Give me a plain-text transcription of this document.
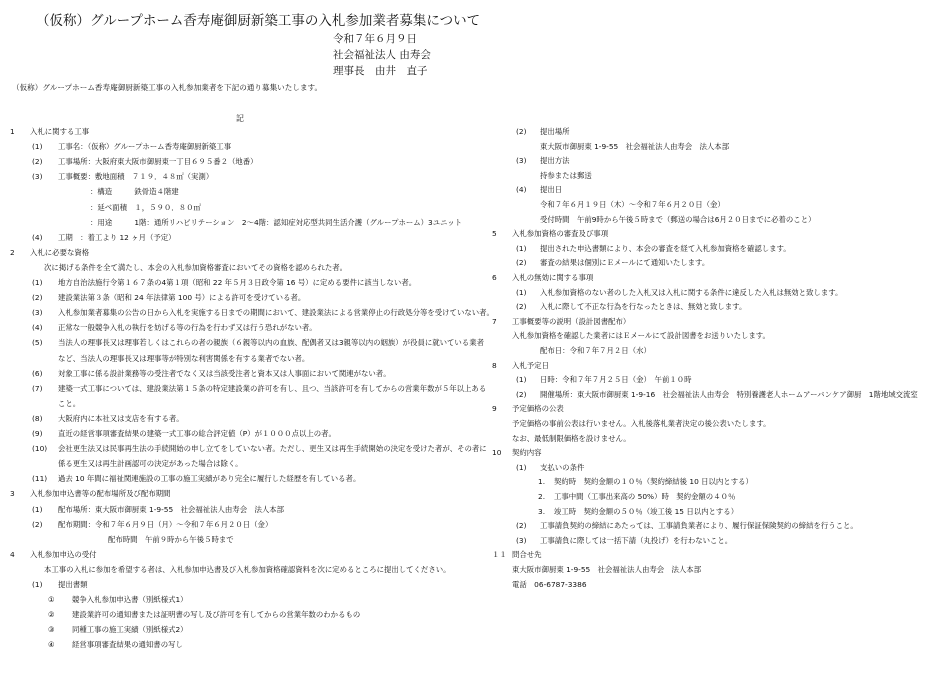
（仮称）グループホーム香寿庵御厨新築工事の入札参加業者募集について
令和７年６月９日
社会福祉法人 由寿会
理事長　由井　直子
（仮称）グループホーム香寿庵御厨新築工事の入札参加業者を下記の通り募集いたします。
記
1 入札に関する工事
(1) 工事名：（仮称）グループホーム香寿庵御厨新築工事
(2) 工事場所：大阪府東大阪市御厨東一丁目６９５番２（地番）
(3) 工事概要：敷地面積　７１９．４８㎡（実測）
：構造　　　鉄骨造４階建
：延べ面積　１，５９０．８０㎡
：用途　　　1階：通所リハビリテーション　2～4階：認知症対応型共同生活介護（グループホーム）3ユニット
(4) 工期　：着工より 12 ヶ月（予定）
2 入札に必要な資格
次に掲げる条件を全て満たし、本会の入札参加資格審査においてその資格を認められた者。
(1) 地方自治法施行令第１６７条の4第１項（昭和 22 年５月３日政令第 16 号）に定める要件に該当しない者。
(2) 建設業法第３条（昭和 24 年法律第 100 号）による許可を受けている者。
(3) 入札参加業者募集の公告の日から入札を実施する日までの期間において、建設業法による営業停止の行政処分等を受けていない者。
(4) 正常な一般競争入札の執行を妨げる等の行為を行わず又は行う恐れがない者。
(5) 当法人の理事長又は理事若しくはこれらの者の親族（６親等以内の血族、配偶者又は3親等以内の姻族）が役員に就いている業者
など、当法人の理事長又は理事等が特別な利害関係を有する業者でない者。
(6) 対象工事に係る設計業務等の受注者でなく又は当該受注者と資本又は人事面において関連がない者。
(7) 建築一式工事については、建設業法第１５条の特定建設業の許可を有し、且つ、当該許可を有してからの営業年数が５年以上ある
こと。
(8) 大阪府内に本社又は支店を有する者。
(9) 直近の経営事項審査結果の建築一式工事の総合評定値（P）が１０００点以上の者。
(10) 会社更生法又は民事再生法の手続開始の申し立てをしていない者。ただし、更生又は再生手続開始の決定を受けた者が、その者に
係る更生又は再生計画認可の決定があった場合は除く。
(11) 過去 10 年間に福祉関連施設の工事の施工実績があり完全に履行した経歴を有している者。
3 入札参加申込書等の配布場所及び配布期間
(1) 配布場所：東大阪市御厨東 1-9-55　社会福祉法人由寿会　法人本部
(2) 配布期間：令和７年６月９日（月）～令和７年６月２０日（金）
配布時間　午前９時から午後５時まで
4 入札参加申込の受付
本工事の入札に参加を希望する者は、入札参加申込書及び入札参加資格確認資料を次に定めるところに提出してください。
(1) 提出書類
① 競争入札参加申込書（別紙様式1）
② 建設業許可の通知書または証明書の写し及び許可を有してからの営業年数のわかるもの
③ 同種工事の施工実績（別紙様式2）
④ 経営事項審査結果の通知書の写し
(2) 提出場所
東大阪市御厨東 1-9-55　社会福祉法人由寿会　法人本部
(3) 提出方法
持参または郵送
(4) 提出日
令和７年６月１９日（木）～令和７年６月２０日（金）
受付時間　午前9時から午後５時まで（郵送の場合は6月２０日までに必着のこと）
5 入札参加資格の審査及び事項
(1) 提出された申込書類により、本会の審査を経て入札参加資格を確認します。
(2) 審査の結果は個別にＥメールにて通知いたします。
6 入札の無効に関する事項
(1) 入札参加資格のない者のした入札又は入札に関する条件に違反した入札は無効と致します。
(2) 入札に際して不正な行為を行なったときは、無効と致します。
7 工事概要等の説明（設計図書配布）
入札参加資格を確認した業者にはＥメールにて設計図書をお送りいたします。
配布日：令和７年７月２日（水）
8 入札予定日
(1) 日時：令和７年７月２５日（金）　午前１０時
(2) 開催場所：東大阪市御厨東 1-9-16　社会福祉法人由寿会　特別養護老人ホームアーバンケア御厨　1階地域交流室
9 予定価格の公表
予定価格の事前公表は行いません。入札後落札業者決定の後公表いたします。
なお、最低制限価格を設けません。
10 契約内容
(1) 支払いの条件
1. 契約時　契約金額の１０％（契約締結後 10 日以内とする）
2. 工事中間（工事出来高の 50%）時　契約金額の４０％
3. 竣工時　契約金額の５０％（竣工後 15 日以内とする）
(2) 工事請負契約の締結にあたっては、工事請負業者により、履行保証保険契約の締結を行うこと。
(3) 工事請負に際しては一括下請（丸投げ）を行わないこと。
１１ 問合せ先
東大阪市御厨東 1-9-55　社会福祉法人由寿会　法人本部
電話　06-6787-3386
